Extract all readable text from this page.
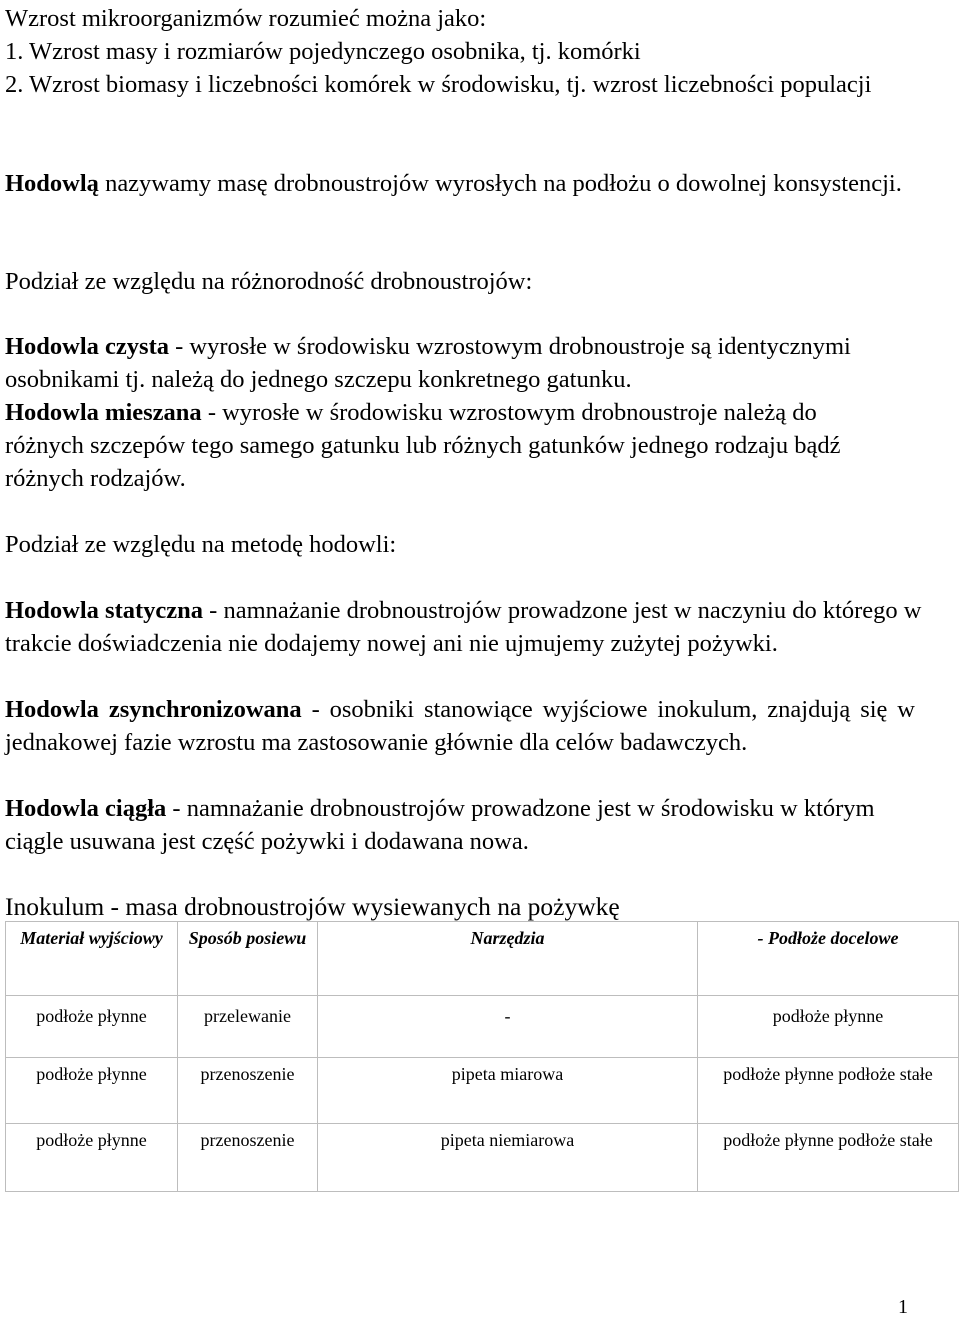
Wzrost mikroorganizmów rozumieć można jako:

1. Wzrost masy i rozmiarów pojedynczego osobnika, tj. komórki

2. Wzrost biomasy i liczebności komórek w środowisku, tj. wzrost liczebności populacji

Hodowlą nazywamy masę drobnoustrojów wyrosłych na podłożu o dowolnej konsystencji.

Podział ze względu na różnorodność drobnoustrojów:

Hodowla czysta - wyrosłe w środowisku wzrostowym drobnoustroje są identycznymi osobnikami tj. należą do jednego szczepu konkretnego gatunku.

Hodowla mieszana - wyrosłe w środowisku wzrostowym drobnoustroje należą do różnych szczepów tego samego gatunku lub różnych gatunków jednego rodzaju bądź różnych rodzajów.

Podział ze względu na metodę hodowli:

Hodowla statyczna - namnażanie drobnoustrojów prowadzone jest w naczyniu do którego w trakcie doświadczenia nie dodajemy nowej ani nie ujmujemy zużytej pożywki.

Hodowla zsynchronizowana - osobniki stanowiące wyjściowe inokulum, znajdują się w jednakowej fazie wzrostu ma zastosowanie głównie dla celów badawczych.

Hodowla ciągła - namnażanie drobnoustrojów prowadzone jest w środowisku w którym ciągle usuwana jest część pożywki i dodawana nowa.

Inokulum - masa drobnoustrojów wysiewanych na pożywkę

Materiał wyjściowy	Sposób posiewu	Narzędzia	- Podłoże docelowe
podłoże płynne	przelewanie	-	podłoże płynne
podłoże płynne	przenoszenie	pipeta miarowa	podłoże płynne podłoże stałe
podłoże płynne	przenoszenie	pipeta niemiarowa	podłoże płynne podłoże stałe
1
